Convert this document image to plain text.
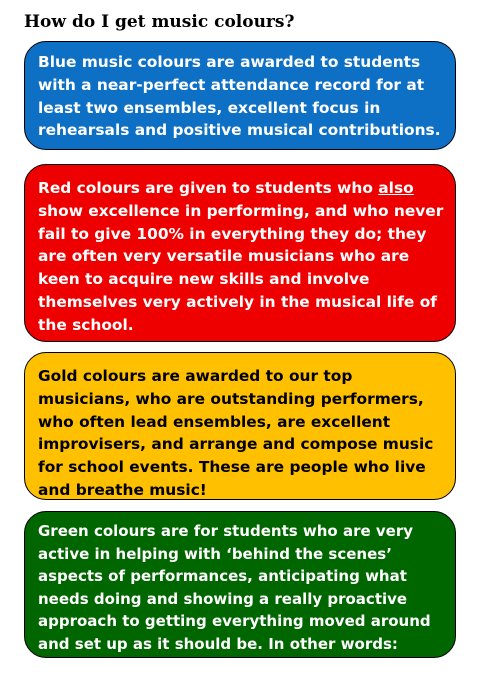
How do I get music colours?

Blue music colours are awarded to students with a near-perfect attendance record for at least two ensembles, excellent focus in rehearsals and positive musical contributions.

Red colours are given to students who also show excellence in performing, and who never fail to give 100% in everything they do; they are often very versatile musicians who are keen to acquire new skills and involve themselves very actively in the musical life of the school.

Gold colours are awarded to our top musicians, who are outstanding performers, who often lead ensembles, are excellent improvisers, and arrange and compose music for school events. These are people who live and breathe music!

Green colours are for students who are very active in helping with ‘behind the scenes’ aspects of performances, anticipating what needs doing and showing a really proactive approach to getting everything moved around and set up as it should be. In other words: roadies and techies!
